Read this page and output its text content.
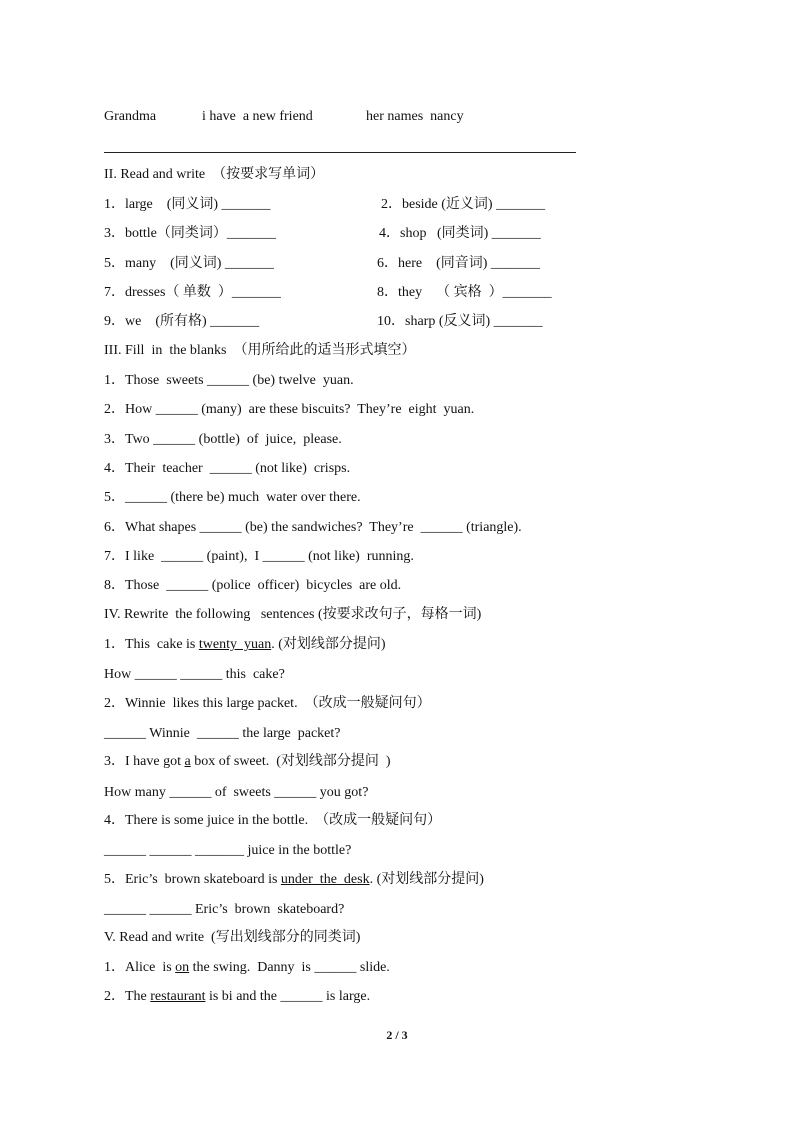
Grandma	i have  a new friend	her names  nancy
II. Read and write  （按要求写单词）
1．large    (同义词) _______	2．beside (近义词) _______
3．bottle（同类词）_______	4．shop   (同类词) _______
5．many    (同义词) _______	6．here    (同音词) _______
7．dresses（ 单数  ）_______	8．they    （ 宾格  ）_______
9．we    (所有格) _______	10．sharp (反义词) _______
III. Fill  in  the blanks  （用所给此的适当形式填空）
1．Those  sweets ______ (be) twelve  yuan.
2．How ______ (many)  are these biscuits?  They’re  eight  yuan.
3．Two ______ (bottle)  of  juice,  please.
4．Their  teacher  ______ (not like)  crisps.
5．______ (there be) much  water over there.
6．What shapes ______ (be) the sandwiches?  They’re  ______ (triangle).
7．I like  ______ (paint),  I ______ (not like)  running.
8．Those  ______ (police  officer)  bicycles  are old.
IV. Rewrite  the following   sentences (按要求改句子，每格一词)
1．This  cake is twenty  yuan. (对划线部分提问)
How ______ ______ this  cake?
2．Winnie  likes this large packet.  （改成一般疑问句）
______ Winnie  ______ the large  packet?
3．I have got a box of sweet.  (对划线部分提问  )
How many ______ of  sweets ______ you got?
4．There is some juice in the bottle.  （改成一般疑问句）
______ ______ _______ juice in the bottle?
5．Eric’s  brown skateboard is under  the  desk. (对划线部分提问)
______ ______ Eric’s  brown  skateboard?
V. Read and write  (写出划线部分的同类词)
1．Alice  is on the swing.  Danny  is ______ slide.
2．The restaurant is bi and the ______ is large.
2 / 3
